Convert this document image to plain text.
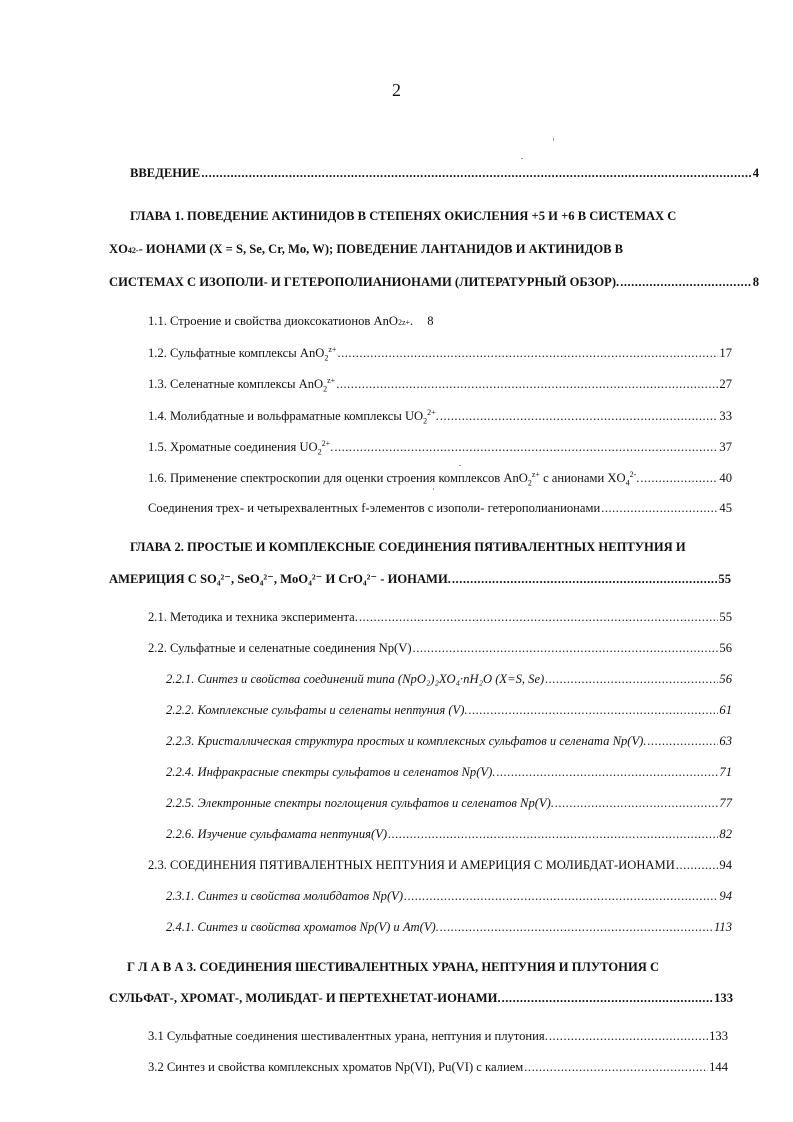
2
ВВЕДЕНИЕ .....	4
ГЛАВА 1. ПОВЕДЕНИЕ АКТИНИДОВ В СТЕПЕНЯХ ОКИСЛЕНИЯ +5 И +6 В СИСТЕМАХ С
XO 4 2- - ИОНАМИ (X = S, Se, Cr, Mo, W); ПОВЕДЕНИЕ ЛАНТАНИДОВ И АКТИНИДОВ В
СИСТЕМАХ С ИЗОПОЛИ- И ГЕТЕРОПОЛИАНИОНАМИ (ЛИТЕРАТУРНЫЙ ОБЗОР). .....	8
1.1. Строение и свойства диоксокатионов AnO 2 z+ . 8
1.2. Сульфатные комплексы AnO$_2^{z+}$ .....	17
1.3. Селенатные комплексы AnO$_2^{z+}$ .....	27
1.4. Молибдатные и вольфраматные комплексы $UO_2^{2+}$. .....	33
1.5. Хроматные соединения $UO_2^{2+}$. .....	37
1.6. Применение спектроскопии для оценки строения комплексов AnO$_2^{z+}$ с анионами $XO_4^{2-}$. .....	40
Соединения трех- и четырехвалентных f-элементов с изополи- гетерополианионами .....	45
ГЛАВА 2. ПРОСТЫЕ И КОМПЛЕКСНЫЕ СОЕДИНЕНИЯ ПЯТИВАЛЕНТНЫХ НЕПТУНИЯ И
АМЕРИЦИЯ С SO₄²⁻, SeO₄²⁻, MoO₄²⁻ И CrO₄²⁻ - ИОНАМИ. .....	55
2.1. Методика и техника эксперимента. .....	55
2.2. Сульфатные и селенатные соединения Np(V) .....	56
2.2.1. Синтез и свойства соединений типа (NpO₂)₂XO₄·nH₂O (X=S, Se) .....	56
2.2.2. Комплексные сульфаты и селенаты нептуния (V). .....	61
2.2.3. Кристаллическая структура простых и комплексных сульфатов и селената Np(V). .....	63
2.2.4. Инфракрасные спектры сульфатов и селенатов Np(V). .....	71
2.2.5. Электронные спектры поглощения сульфатов и селенатов Np(V). .....	77
2.2.6. Изучение сульфамата нептуния(V) .....	82
2.3. СОЕДИНЕНИЯ ПЯТИВАЛЕНТНЫХ НЕПТУНИЯ И АМЕРИЦИЯ С МОЛИБДАТ-ИОНАМИ .....	94
2.3.1. Синтез и свойства молибдатов Np(V) .....	94
2.4.1. Синтез и свойства хроматов Np(V) и Am(V). .....	113
Г Л А В А 3. СОЕДИНЕНИЯ ШЕСТИВАЛЕНТНЫХ УРАНА, НЕПТУНИЯ И ПЛУТОНИЯ С
СУЛЬФАТ-, ХРОМАТ-, МОЛИБДАТ- И ПЕРТЕХНЕТАТ-ИОНАМИ. .....	133
3.1 Сульфатные соединения шестивалентных урана, нептуния и плутония. .....	133
3.2 Синтез и свойства комплексных хроматов Np(VI), Pu(VI) с калием .....	144
